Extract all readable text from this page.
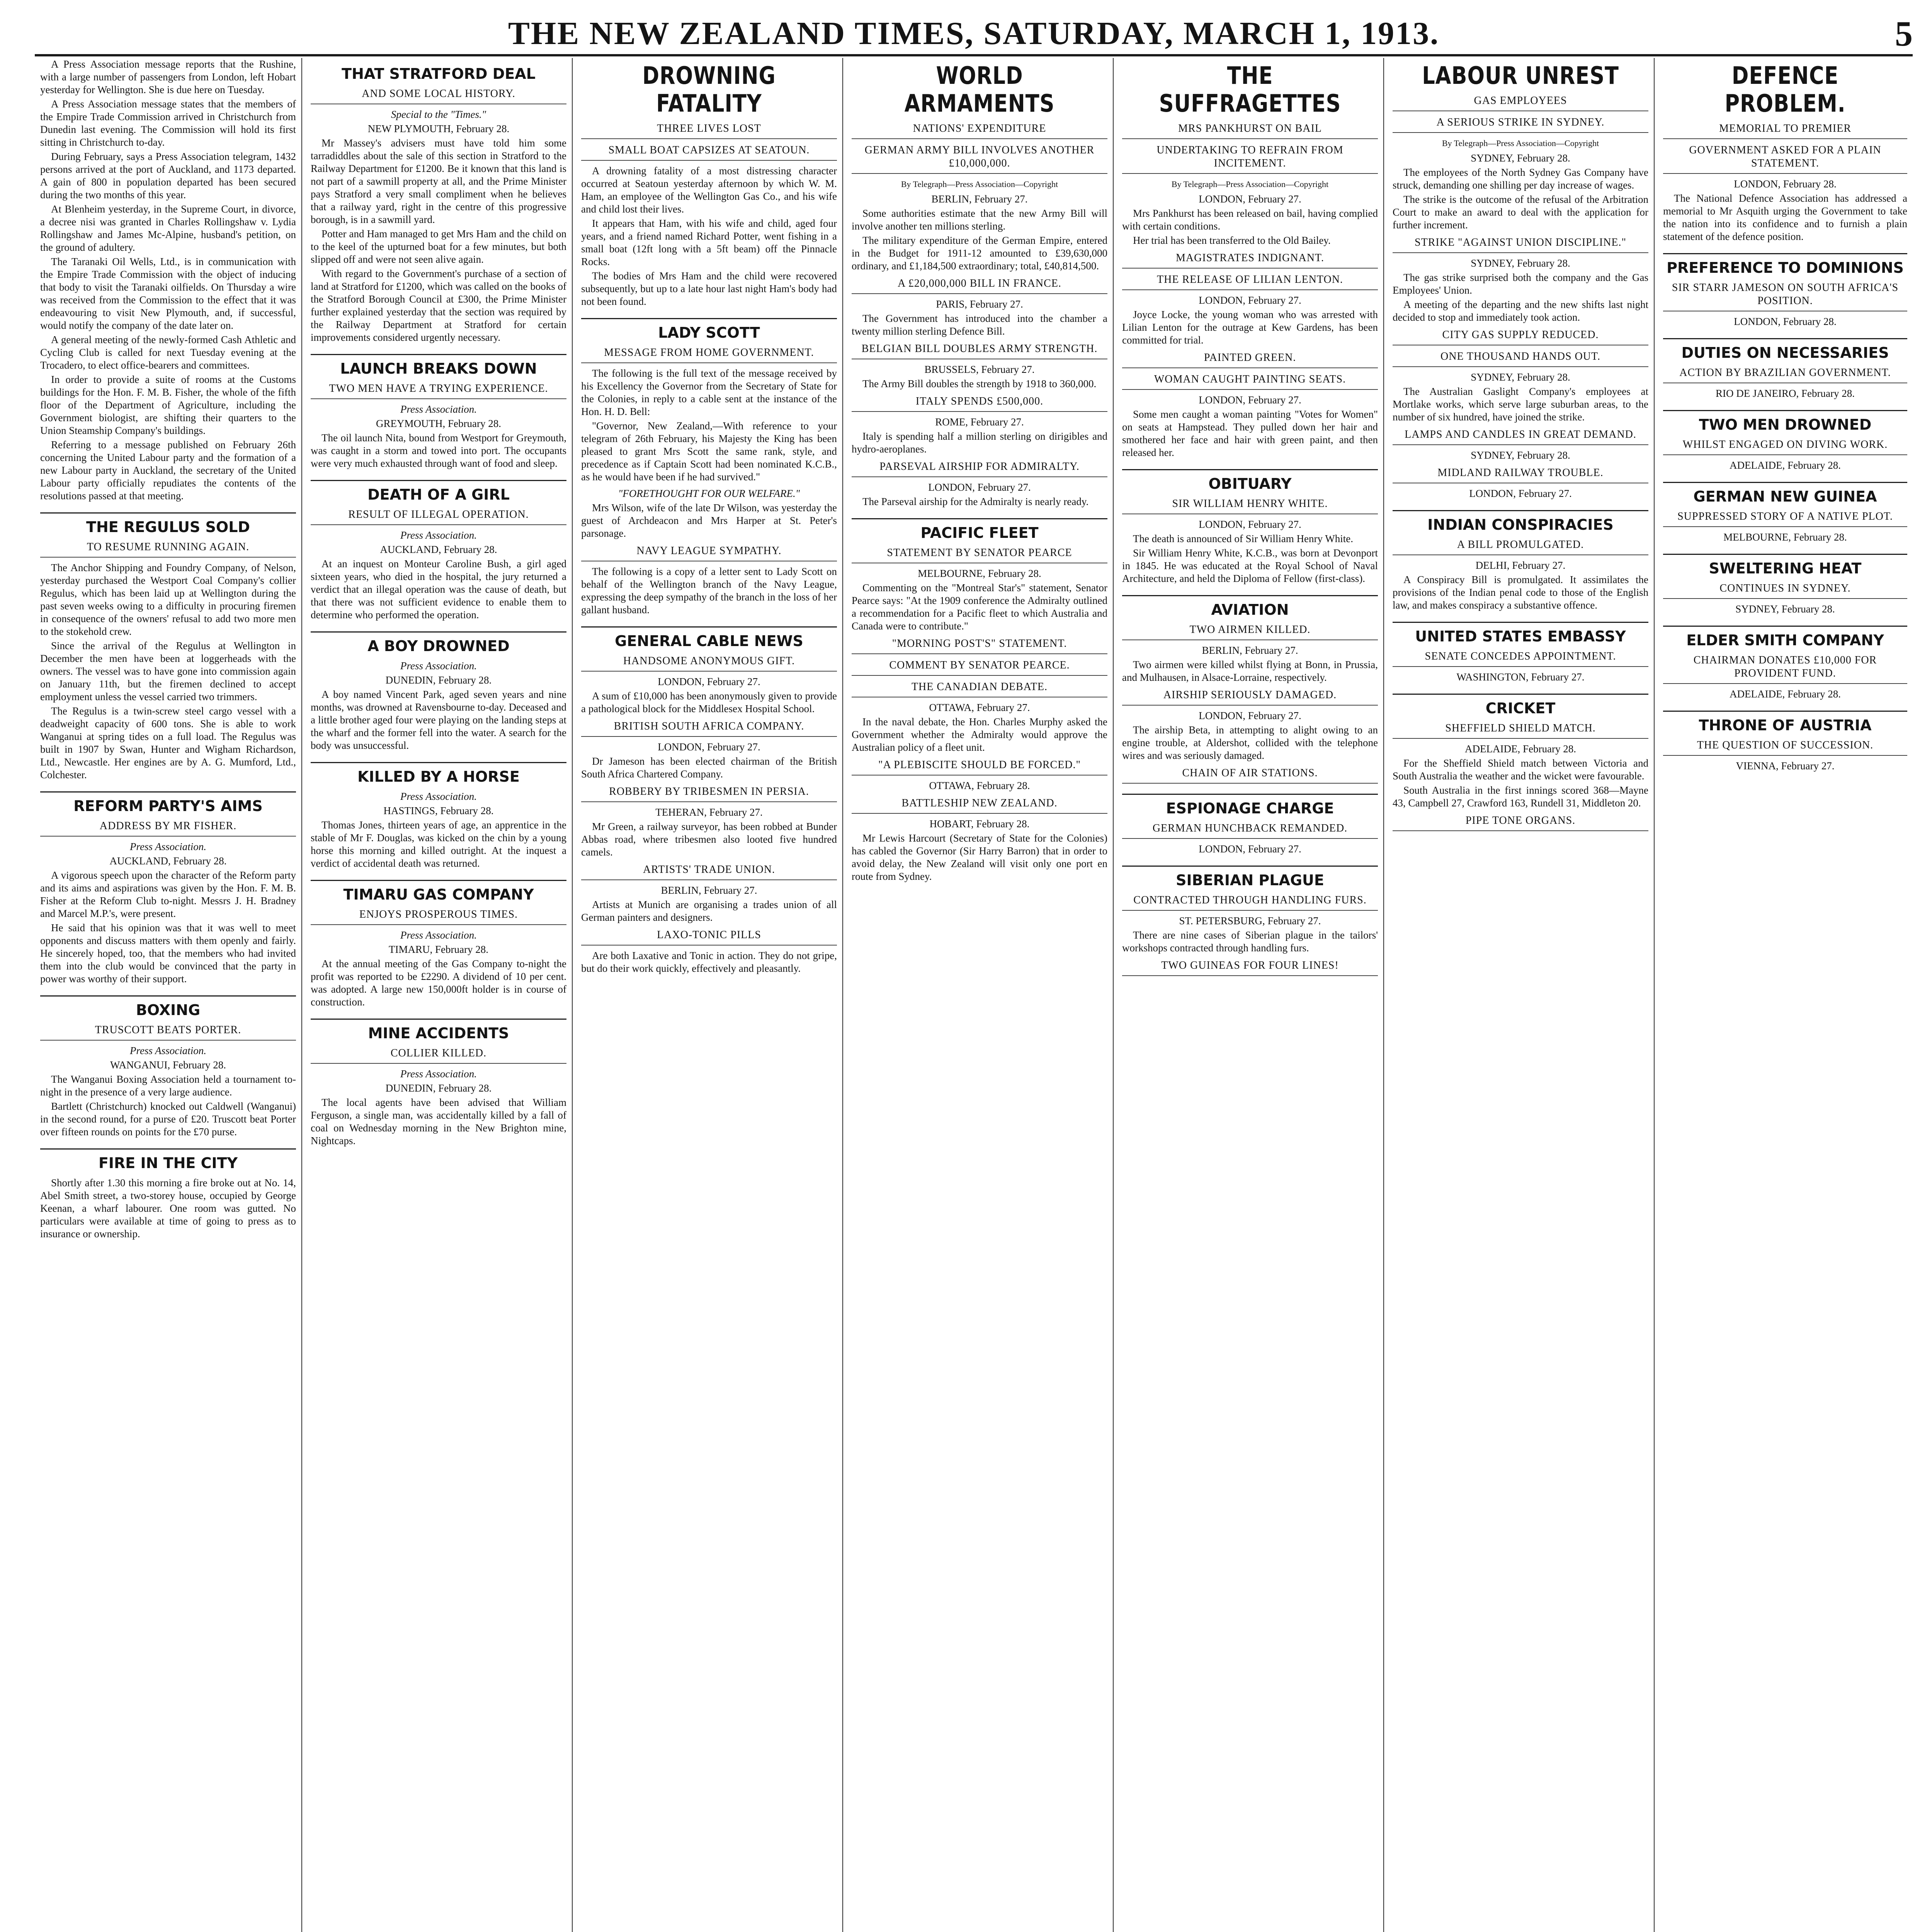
THE NEW ZEALAND TIMES, SATURDAY, MARCH 1, 1913.	5

A Press Association message reports that the Rushine, with a large number of passengers from London, left Hobart yesterday for Wellington. She is due here on Tuesday.

A Press Association message states that the members of the Empire Trade Commission arrived in Christchurch from Dunedin last evening. The Commission will hold its first sitting in Christchurch to-day.

During February, says a Press Association telegram, 1432 persons arrived at the port of Auckland, and 1173 departed. A gain of 800 in population departed has been secured during the two months of this year.

At Blenheim yesterday, in the Supreme Court, in divorce, a decree nisi was granted in Charles Rollingshaw v. Lydia Rollingshaw and James Mc-Alpine, husband's petition, on the ground of adultery.

The Taranaki Oil Wells, Ltd., is in communication with the Empire Trade Commission with the object of inducing that body to visit the Taranaki oilfields. On Thursday a wire was received from the Commission to the effect that it was endeavouring to visit New Plymouth, and, if successful, would notify the company of the date later on.

A general meeting of the newly-formed Cash Athletic and Cycling Club is called for next Tuesday evening at the Trocadero, to elect office-bearers and committees.

In order to provide a suite of rooms at the Customs buildings for the Hon. F. M. B. Fisher, the whole of the fifth floor of the Department of Agriculture, including the Government biologist, are shifting their quarters to the Union Steamship Company's buildings.

Referring to a message published on February 26th concerning the United Labour party and the formation of a new Labour party in Auckland, the secretary of the United Labour party officially repudiates the contents of the resolutions passed at that meeting.

THE REGULUS SOLD
TO RESUME RUNNING AGAIN.

The Anchor Shipping and Foundry Company, of Nelson, yesterday purchased the Westport Coal Company's collier Regulus, which has been laid up at Wellington during the past seven weeks owing to a difficulty in procuring firemen in consequence of the owners' refusal to add two more men to the stokehold crew.

Since the arrival of the Regulus at Wellington in December the men have been at loggerheads with the owners. The vessel was to have gone into commission again on January 11th, but the firemen declined to accept employment unless the vessel carried two trimmers.

The Regulus is a twin-screw steel cargo vessel with a deadweight capacity of 600 tons. She is able to work Wanganui at spring tides on a full load. The Regulus was built in 1907 by Swan, Hunter and Wigham Richardson, Ltd., Newcastle. Her engines are by A. G. Mumford, Ltd., Colchester.

REFORM PARTY'S AIMS
ADDRESS BY MR FISHER.
Press Association.
AUCKLAND, February 28.

A vigorous speech upon the character of the Reform party and its aims and aspirations was given by the Hon. F. M. B. Fisher at the Reform Club to-night. Messrs J. H. Bradney and Marcel M.P.'s, were present.

He said that his opinion was that it was well to meet opponents and discuss matters with them openly and fairly. He sincerely hoped, too, that the members who had invited them into the club would be convinced that the party in power was worthy of their support.

BOXING
TRUSCOTT BEATS PORTER.
Press Association.
WANGANUI, February 28.

The Wanganui Boxing Association held a tournament to-night in the presence of a very large audience.

Bartlett (Christchurch) knocked out Caldwell (Wanganui) in the second round, for a purse of £20. Truscott beat Porter over fifteen rounds on points for the £70 purse.

FIRE IN THE CITY

Shortly after 1.30 this morning a fire broke out at No. 14, Abel Smith street, a two-storey house, occupied by George Keenan, a wharf labourer. One room was gutted. No particulars were available at time of going to press as to insurance or ownership.

THAT STRATFORD DEAL
AND SOME LOCAL HISTORY.
Special to the "Times."
NEW PLYMOUTH, February 28.

Mr Massey's advisers must have told him some tarradiddles about the sale of this section in Stratford to the Railway Department for £1200. Be it known that this land is not part of a sawmill property at all, and the Prime Minister pays Stratford a very small compliment when he believes that a railway yard, right in the centre of this progressive borough, is in a sawmill yard.

Potter and Ham managed to get Mrs Ham and the child on to the keel of the upturned boat for a few minutes, but both slipped off and were not seen alive again.

With regard to the Government's purchase of a section of land at Stratford for £1200, which was called on the books of the Stratford Borough Council at £300, the Prime Minister further explained yesterday that the section was required by the Railway Department at Stratford for certain improvements considered urgently necessary.

LAUNCH BREAKS DOWN
TWO MEN HAVE A TRYING EXPERIENCE.
Press Association.
GREYMOUTH, February 28.

The oil launch Nita, bound from Westport for Greymouth, was caught in a storm and towed into port. The occupants were very much exhausted through want of food and sleep.

DEATH OF A GIRL
RESULT OF ILLEGAL OPERATION.
Press Association.
AUCKLAND, February 28.

At an inquest on Monteur Caroline Bush, a girl aged sixteen years, who died in the hospital, the jury returned a verdict that an illegal operation was the cause of death, but that there was not sufficient evidence to enable them to determine who performed the operation.

A BOY DROWNED
Press Association.
DUNEDIN, February 28.

A boy named Vincent Park, aged seven years and nine months, was drowned at Ravensbourne to-day. Deceased and a little brother aged four were playing on the landing steps at the wharf and the former fell into the water. A search for the body was unsuccessful.

KILLED BY A HORSE
Press Association.
HASTINGS, February 28.

Thomas Jones, thirteen years of age, an apprentice in the stable of Mr F. Douglas, was kicked on the chin by a young horse this morning and killed outright. At the inquest a verdict of accidental death was returned.

TIMARU GAS COMPANY
ENJOYS PROSPEROUS TIMES.
Press Association.
TIMARU, February 28.

At the annual meeting of the Gas Company to-night the profit was reported to be £2290. A dividend of 10 per cent. was adopted. A large new 150,000ft holder is in course of construction.

MINE ACCIDENTS
COLLIER KILLED.
Press Association.
DUNEDIN, February 28.

The local agents have been advised that William Ferguson, a single man, was accidentally killed by a fall of coal on Wednesday morning in the New Brighton mine, Nightcaps.

DROWNING FATALITY
THREE LIVES LOST
SMALL BOAT CAPSIZES AT SEATOUN.

A drowning fatality of a most distressing character occurred at Seatoun yesterday afternoon by which W. M. Ham, an employee of the Wellington Gas Co., and his wife and child lost their lives.

It appears that Ham, with his wife and child, aged four years, and a friend named Richard Potter, went fishing in a small boat (12ft long with a 5ft beam) off the Pinnacle Rocks.

The bodies of Mrs Ham and the child were recovered subsequently, but up to a late hour last night Ham's body had not been found.

LADY SCOTT
MESSAGE FROM HOME GOVERNMENT.

The following is the full text of the message received by his Excellency the Governor from the Secretary of State for the Colonies, in reply to a cable sent at the instance of the Hon. H. D. Bell:

"Governor, New Zealand,—With reference to your telegram of 26th February, his Majesty the King has been pleased to grant Mrs Scott the same rank, style, and precedence as if Captain Scott had been nominated K.C.B., as he would have been if he had survived."

"FORETHOUGHT FOR OUR WELFARE."

Mrs Wilson, wife of the late Dr Wilson, was yesterday the guest of Archdeacon and Mrs Harper at St. Peter's parsonage.

NAVY LEAGUE SYMPATHY.

The following is a copy of a letter sent to Lady Scott on behalf of the Wellington branch of the Navy League, expressing the deep sympathy of the branch in the loss of her gallant husband.

GENERAL CABLE NEWS
HANDSOME ANONYMOUS GIFT.
LONDON, February 27.

A sum of £10,000 has been anonymously given to provide a pathological block for the Middlesex Hospital School.

BRITISH SOUTH AFRICA COMPANY.
LONDON, February 27.

Dr Jameson has been elected chairman of the British South Africa Chartered Company.

ROBBERY BY TRIBESMEN IN PERSIA.
TEHERAN, February 27.

Mr Green, a railway surveyor, has been robbed at Bunder Abbas road, where tribesmen also looted five hundred camels.

ARTISTS' TRADE UNION.
BERLIN, February 27.

Artists at Munich are organising a trades union of all German painters and designers.

LAXO-TONIC PILLS

Are both Laxative and Tonic in action. They do not gripe, but do their work quickly, effectively and pleasantly.

WORLD ARMAMENTS
NATIONS' EXPENDITURE
GERMAN ARMY BILL INVOLVES ANOTHER £10,000,000.
By Telegraph—Press Association—Copyright
BERLIN, February 27.

Some authorities estimate that the new Army Bill will involve another ten millions sterling.

The military expenditure of the German Empire, entered in the Budget for 1911-12 amounted to £39,630,000 ordinary, and £1,184,500 extraordinary; total, £40,814,500.

A £20,000,000 BILL IN FRANCE.
PARIS, February 27.

The Government has introduced into the chamber a twenty million sterling Defence Bill.

BELGIAN BILL DOUBLES ARMY STRENGTH.
BRUSSELS, February 27.

The Army Bill doubles the strength by 1918 to 360,000.

ITALY SPENDS £500,000.
ROME, February 27.

Italy is spending half a million sterling on dirigibles and hydro-aeroplanes.

PARSEVAL AIRSHIP FOR ADMIRALTY.
LONDON, February 27.

The Parseval airship for the Admiralty is nearly ready.

PACIFIC FLEET
STATEMENT BY SENATOR PEARCE
MELBOURNE, February 28.

Commenting on the "Montreal Star's" statement, Senator Pearce says: "At the 1909 conference the Admiralty outlined a recommendation for a Pacific fleet to which Australia and Canada were to contribute."

"MORNING POST'S" STATEMENT.
COMMENT BY SENATOR PEARCE.
THE CANADIAN DEBATE.
OTTAWA, February 27.

In the naval debate, the Hon. Charles Murphy asked the Government whether the Admiralty would approve the Australian policy of a fleet unit.

"A PLEBISCITE SHOULD BE FORCED."
OTTAWA, February 28.
BATTLESHIP NEW ZEALAND.
HOBART, February 28.

Mr Lewis Harcourt (Secretary of State for the Colonies) has cabled the Governor (Sir Harry Barron) that in order to avoid delay, the New Zealand will visit only one port en route from Sydney.

THE SUFFRAGETTES
MRS PANKHURST ON BAIL
UNDERTAKING TO REFRAIN FROM INCITEMENT.
By Telegraph—Press Association—Copyright
LONDON, February 27.

Mrs Pankhurst has been released on bail, having complied with certain conditions.

Her trial has been transferred to the Old Bailey.

MAGISTRATES INDIGNANT.
THE RELEASE OF LILIAN LENTON.
LONDON, February 27.

Joyce Locke, the young woman who was arrested with Lilian Lenton for the outrage at Kew Gardens, has been committed for trial.

PAINTED GREEN.
WOMAN CAUGHT PAINTING SEATS.
LONDON, February 27.

Some men caught a woman painting "Votes for Women" on seats at Hampstead. They pulled down her hair and smothered her face and hair with green paint, and then released her.

OBITUARY
SIR WILLIAM HENRY WHITE.
LONDON, February 27.

The death is announced of Sir William Henry White.

Sir William Henry White, K.C.B., was born at Devonport in 1845. He was educated at the Royal School of Naval Architecture, and held the Diploma of Fellow (first-class).

AVIATION
TWO AIRMEN KILLED.
BERLIN, February 27.

Two airmen were killed whilst flying at Bonn, in Prussia, and Mulhausen, in Alsace-Lorraine, respectively.

AIRSHIP SERIOUSLY DAMAGED.
LONDON, February 27.

The airship Beta, in attempting to alight owing to an engine trouble, at Aldershot, collided with the telephone wires and was seriously damaged.

CHAIN OF AIR STATIONS.
ESPIONAGE CHARGE
GERMAN HUNCHBACK REMANDED.
LONDON, February 27.
SIBERIAN PLAGUE
CONTRACTED THROUGH HANDLING FURS.
ST. PETERSBURG, February 27.

There are nine cases of Siberian plague in the tailors' workshops contracted through handling furs.

TWO GUINEAS FOR FOUR LINES!
LABOUR UNREST
GAS EMPLOYEES
A SERIOUS STRIKE IN SYDNEY.
By Telegraph—Press Association—Copyright
SYDNEY, February 28.

The employees of the North Sydney Gas Company have struck, demanding one shilling per day increase of wages.

The strike is the outcome of the refusal of the Arbitration Court to make an award to deal with the application for further increment.

STRIKE "AGAINST UNION DISCIPLINE."
SYDNEY, February 28.

The gas strike surprised both the company and the Gas Employees' Union.

A meeting of the departing and the new shifts last night decided to stop and immediately took action.

CITY GAS SUPPLY REDUCED.
ONE THOUSAND HANDS OUT.
SYDNEY, February 28.

The Australian Gaslight Company's employees at Mortlake works, which serve large suburban areas, to the number of six hundred, have joined the strike.

LAMPS AND CANDLES IN GREAT DEMAND.
SYDNEY, February 28.
MIDLAND RAILWAY TROUBLE.
LONDON, February 27.
INDIAN CONSPIRACIES
A BILL PROMULGATED.
DELHI, February 27.

A Conspiracy Bill is promulgated. It assimilates the provisions of the Indian penal code to those of the English law, and makes conspiracy a substantive offence.

UNITED STATES EMBASSY
SENATE CONCEDES APPOINTMENT.
WASHINGTON, February 27.
CRICKET
SHEFFIELD SHIELD MATCH.
ADELAIDE, February 28.

For the Sheffield Shield match between Victoria and South Australia the weather and the wicket were favourable.

South Australia in the first innings scored 368—Mayne 43, Campbell 27, Crawford 163, Rundell 31, Middleton 20.

PIPE TONE ORGANS.
DEFENCE PROBLEM.
MEMORIAL TO PREMIER
GOVERNMENT ASKED FOR A PLAIN STATEMENT.
LONDON, February 28.

The National Defence Association has addressed a memorial to Mr Asquith urging the Government to take the nation into its confidence and to furnish a plain statement of the defence position.

PREFERENCE TO DOMINIONS
SIR STARR JAMESON ON SOUTH AFRICA'S POSITION.
LONDON, February 28.
DUTIES ON NECESSARIES
ACTION BY BRAZILIAN GOVERNMENT.
RIO DE JANEIRO, February 28.
TWO MEN DROWNED
WHILST ENGAGED ON DIVING WORK.
ADELAIDE, February 28.
GERMAN NEW GUINEA
SUPPRESSED STORY OF A NATIVE PLOT.
MELBOURNE, February 28.
SWELTERING HEAT
CONTINUES IN SYDNEY.
SYDNEY, February 28.
ELDER SMITH COMPANY
CHAIRMAN DONATES £10,000 FOR PROVIDENT FUND.
ADELAIDE, February 28.
THRONE OF AUSTRIA
THE QUESTION OF SUCCESSION.
VIENNA, February 27.
